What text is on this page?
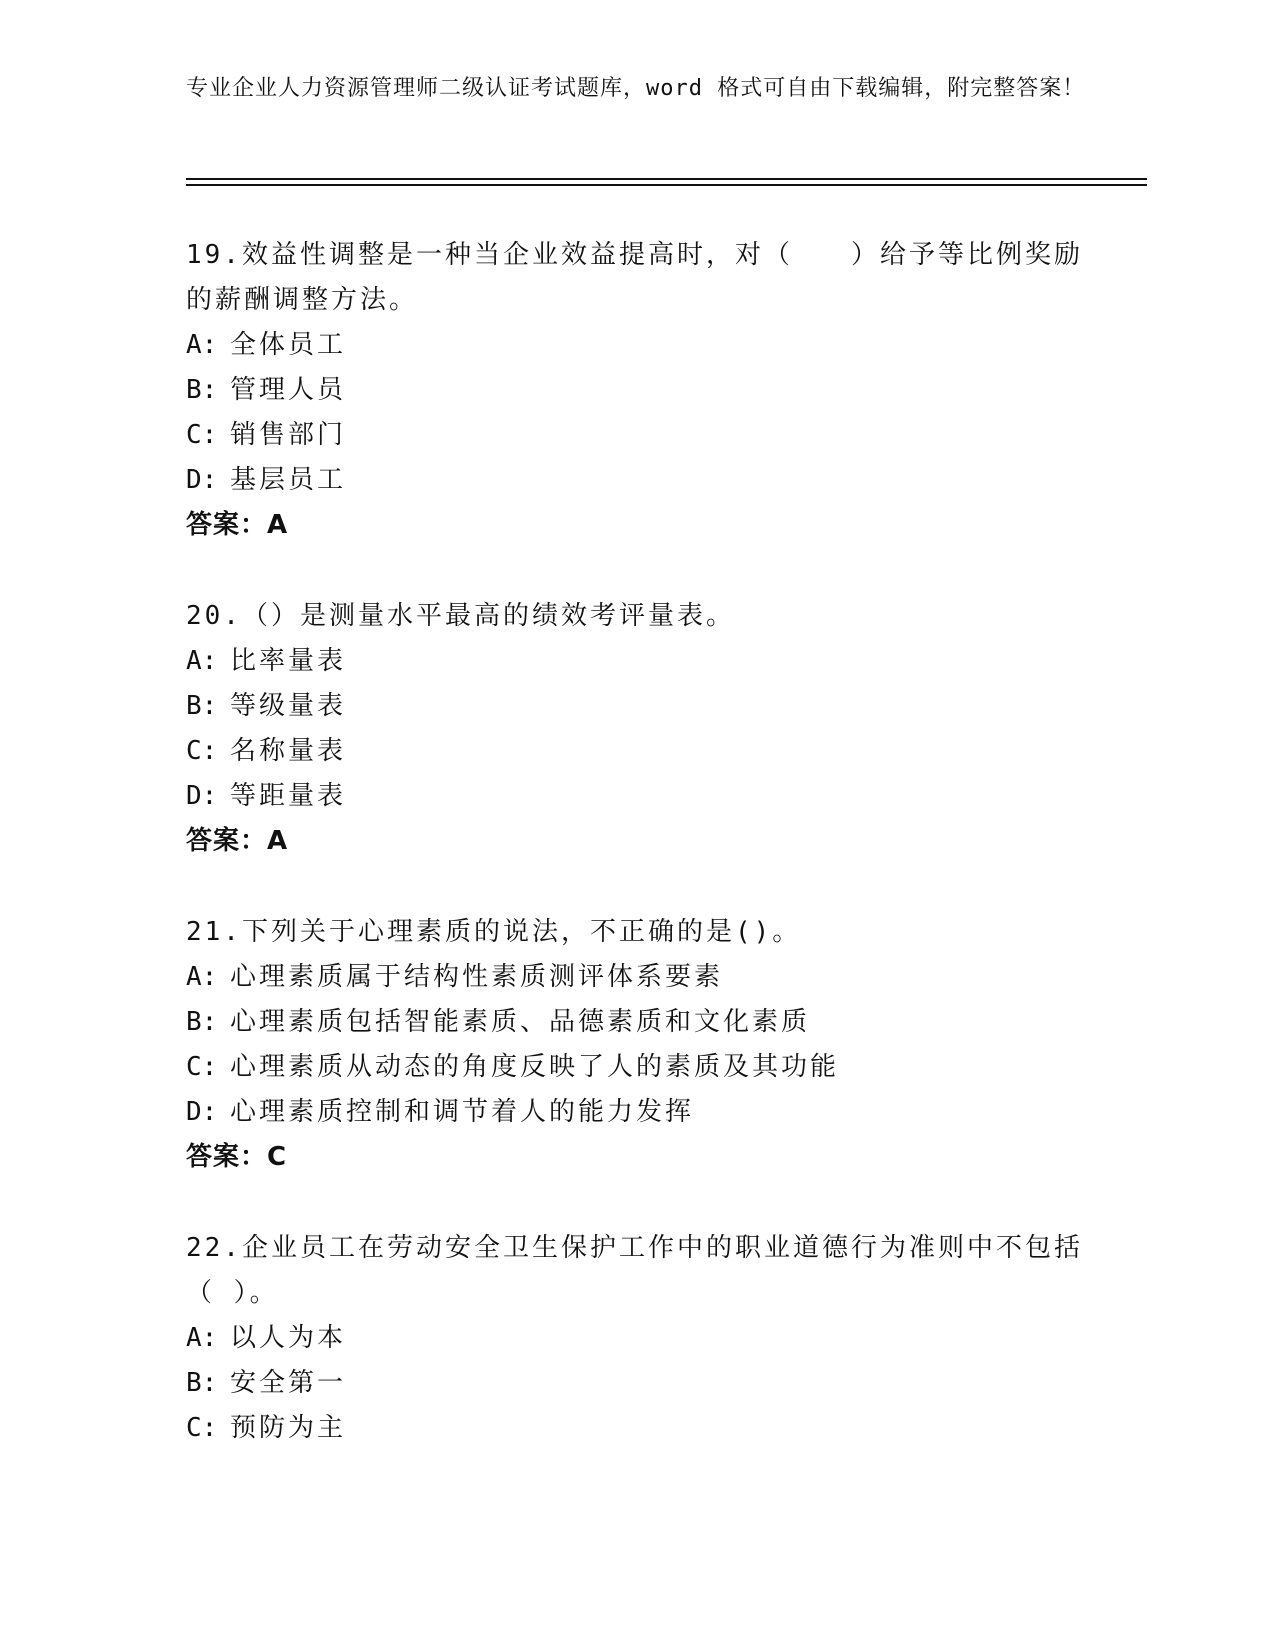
专业企业人力资源管理师二级认证考试题库，word 格式可自由下载编辑，附完整答案！
19.效益性调整是一种当企业效益提高时，对（　　）给予等比例奖励的薪酬调整方法。
A: 全体员工
B: 管理人员
C: 销售部门
D: 基层员工
答案：A
20.（）是测量水平最高的绩效考评量表。
A: 比率量表
B: 等级量表
C: 名称量表
D: 等距量表
答案：A
21.下列关于心理素质的说法，不正确的是()。
A: 心理素质属于结构性素质测评体系要素
B: 心理素质包括智能素质、品德素质和文化素质
C: 心理素质从动态的角度反映了人的素质及其功能
D: 心理素质控制和调节着人的能力发挥
答案：C
22.企业员工在劳动安全卫生保护工作中的职业道德行为准则中不包括（ ）。
A: 以人为本
B: 安全第一
C: 预防为主
